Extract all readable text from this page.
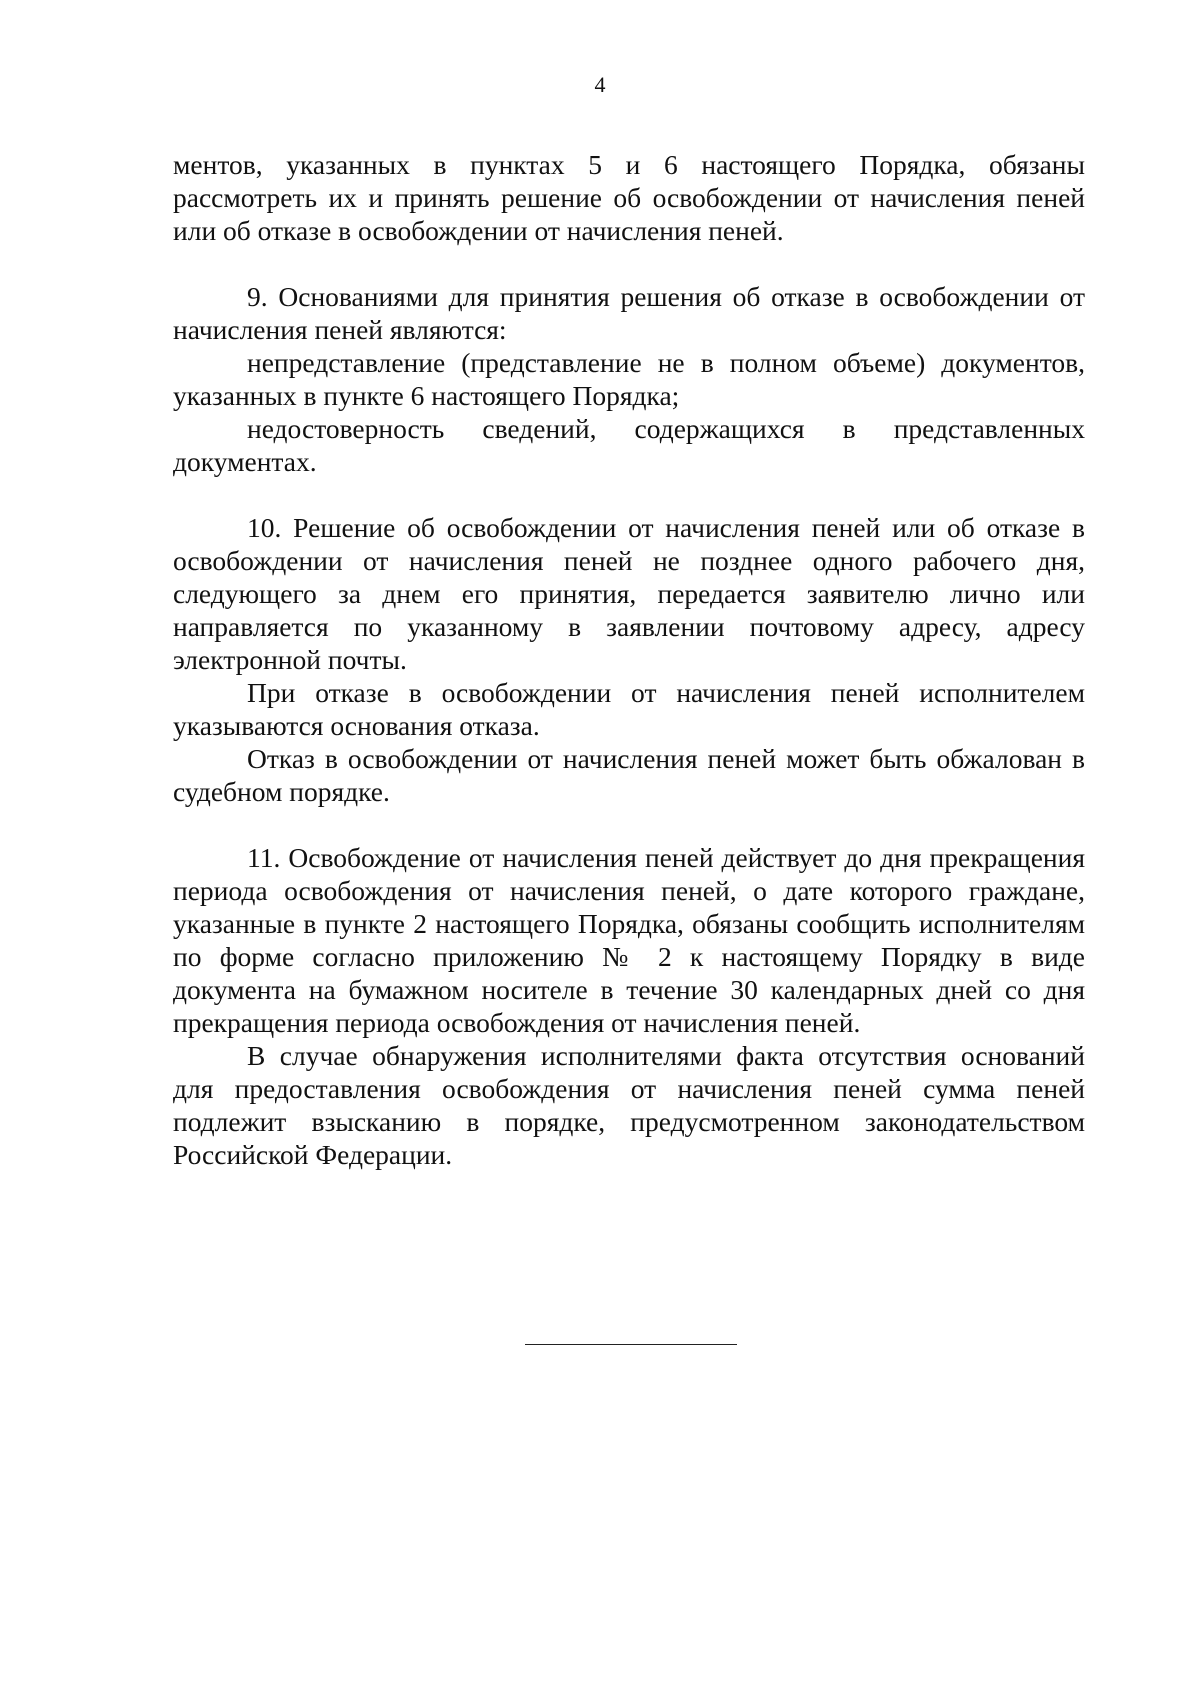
4

ментов, указанных в пунктах 5 и 6 настоящего Порядка, обязаны рассмотреть их и принять решение об освобождении от начисления пеней или об отказе в освобождении от начисления пеней.

9. Основаниями для принятия решения об отказе в освобождении от начисления пеней являются:

непредставление (представление не в полном объеме) документов, указанных в пункте 6 настоящего Порядка;

недостоверность сведений, содержащихся в представленных документах.

10. Решение об освобождении от начисления пеней или об отказе в освобождении от начисления пеней не позднее одного рабочего дня, следующего за днем его принятия, передается заявителю лично или направляется по указанному в заявлении почтовому адресу, адресу электронной почты.

При отказе в освобождении от начисления пеней исполнителем указываются основания отказа.

Отказ в освобождении от начисления пеней может быть обжалован в судебном порядке.

11. Освобождение от начисления пеней действует до дня прекращения периода освобождения от начисления пеней, о дате которого граждане, указанные в пункте 2 настоящего Порядка, обязаны сообщить исполнителям по форме согласно приложению № 2 к настоящему Порядку в виде документа на бумажном носителе в течение 30 календарных дней со дня прекращения периода освобождения от начисления пеней.

В случае обнаружения исполнителями факта отсутствия оснований для предоставления освобождения от начисления пеней сумма пеней подлежит взысканию в порядке, предусмотренном законодательством Российской Федерации.
